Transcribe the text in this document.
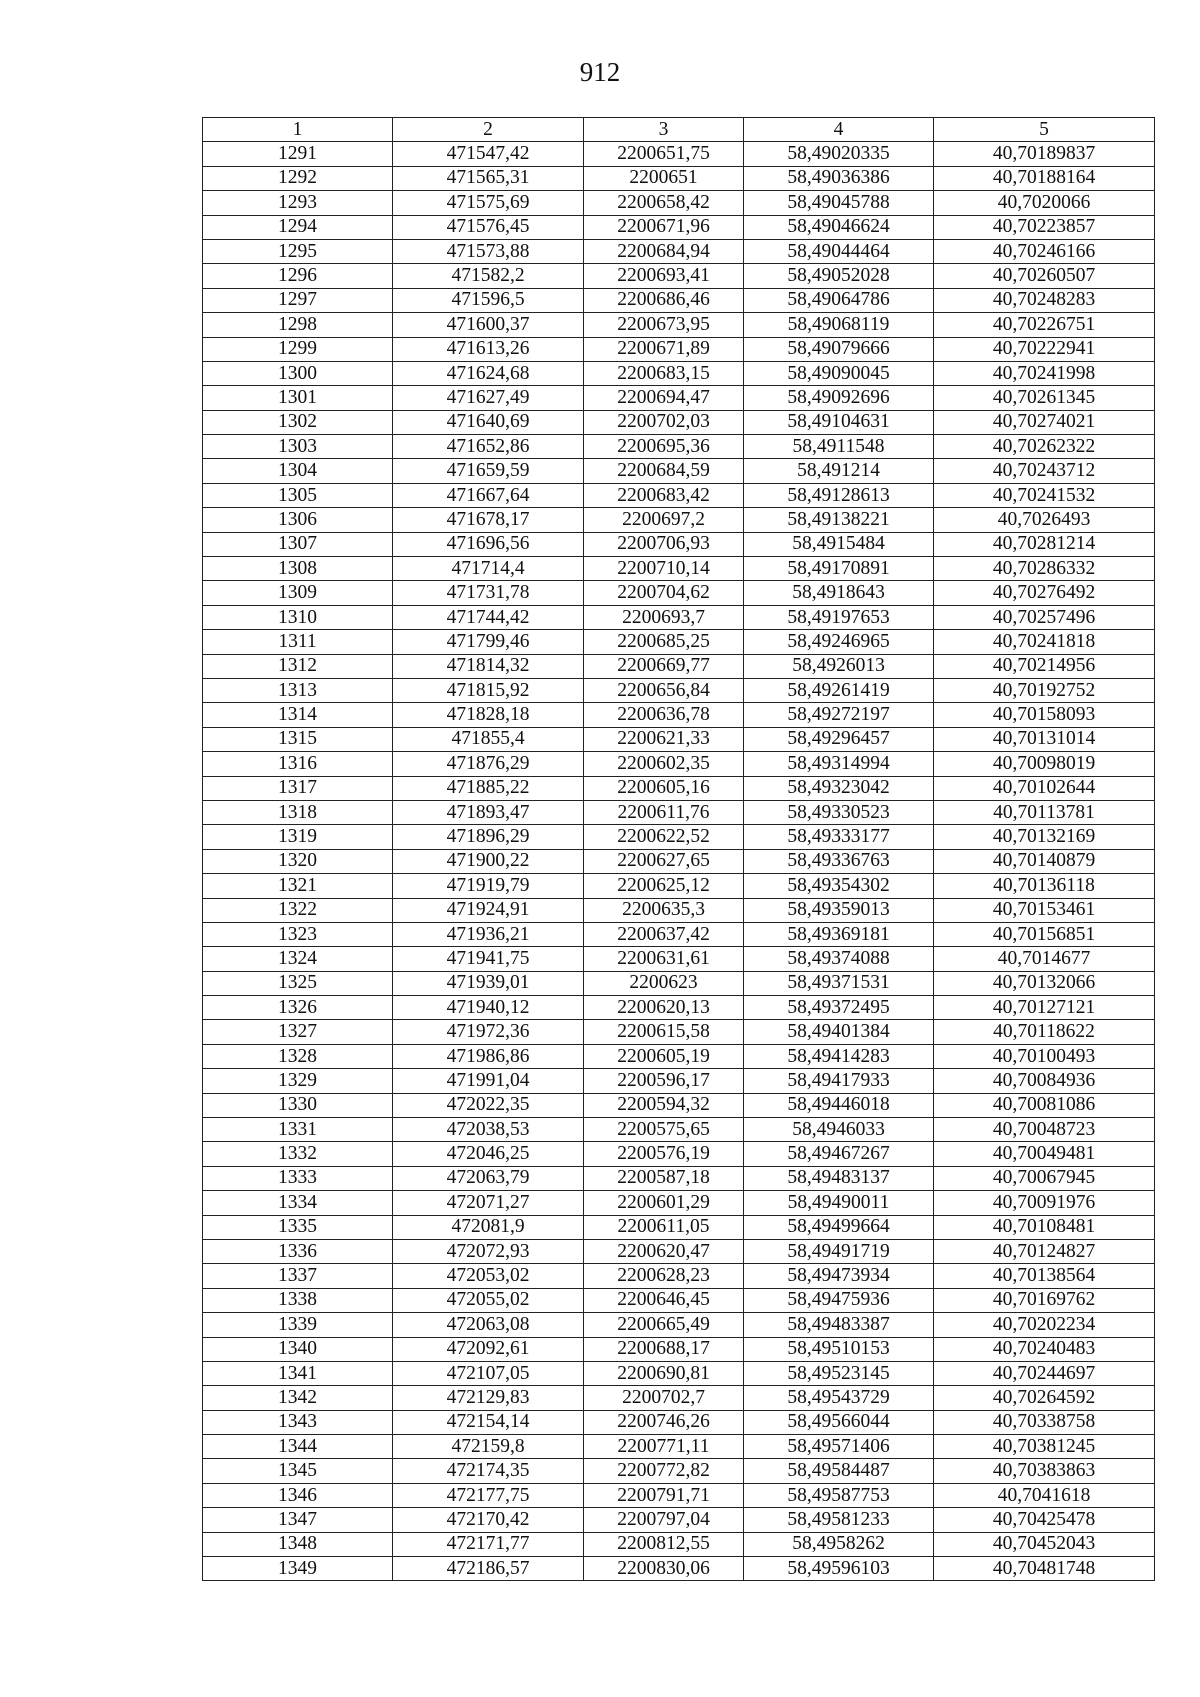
912
1	2	3	4	5
1291	471547,42	2200651,75	58,49020335	40,70189837
1292	471565,31	2200651	58,49036386	40,70188164
1293	471575,69	2200658,42	58,49045788	40,7020066
1294	471576,45	2200671,96	58,49046624	40,70223857
1295	471573,88	2200684,94	58,49044464	40,70246166
1296	471582,2	2200693,41	58,49052028	40,70260507
1297	471596,5	2200686,46	58,49064786	40,70248283
1298	471600,37	2200673,95	58,49068119	40,70226751
1299	471613,26	2200671,89	58,49079666	40,70222941
1300	471624,68	2200683,15	58,49090045	40,70241998
1301	471627,49	2200694,47	58,49092696	40,70261345
1302	471640,69	2200702,03	58,49104631	40,70274021
1303	471652,86	2200695,36	58,4911548	40,70262322
1304	471659,59	2200684,59	58,491214	40,70243712
1305	471667,64	2200683,42	58,49128613	40,70241532
1306	471678,17	2200697,2	58,49138221	40,7026493
1307	471696,56	2200706,93	58,4915484	40,70281214
1308	471714,4	2200710,14	58,49170891	40,70286332
1309	471731,78	2200704,62	58,4918643	40,70276492
1310	471744,42	2200693,7	58,49197653	40,70257496
1311	471799,46	2200685,25	58,49246965	40,70241818
1312	471814,32	2200669,77	58,4926013	40,70214956
1313	471815,92	2200656,84	58,49261419	40,70192752
1314	471828,18	2200636,78	58,49272197	40,70158093
1315	471855,4	2200621,33	58,49296457	40,70131014
1316	471876,29	2200602,35	58,49314994	40,70098019
1317	471885,22	2200605,16	58,49323042	40,70102644
1318	471893,47	2200611,76	58,49330523	40,70113781
1319	471896,29	2200622,52	58,49333177	40,70132169
1320	471900,22	2200627,65	58,49336763	40,70140879
1321	471919,79	2200625,12	58,49354302	40,70136118
1322	471924,91	2200635,3	58,49359013	40,70153461
1323	471936,21	2200637,42	58,49369181	40,70156851
1324	471941,75	2200631,61	58,49374088	40,7014677
1325	471939,01	2200623	58,49371531	40,70132066
1326	471940,12	2200620,13	58,49372495	40,70127121
1327	471972,36	2200615,58	58,49401384	40,70118622
1328	471986,86	2200605,19	58,49414283	40,70100493
1329	471991,04	2200596,17	58,49417933	40,70084936
1330	472022,35	2200594,32	58,49446018	40,70081086
1331	472038,53	2200575,65	58,4946033	40,70048723
1332	472046,25	2200576,19	58,49467267	40,70049481
1333	472063,79	2200587,18	58,49483137	40,70067945
1334	472071,27	2200601,29	58,49490011	40,70091976
1335	472081,9	2200611,05	58,49499664	40,70108481
1336	472072,93	2200620,47	58,49491719	40,70124827
1337	472053,02	2200628,23	58,49473934	40,70138564
1338	472055,02	2200646,45	58,49475936	40,70169762
1339	472063,08	2200665,49	58,49483387	40,70202234
1340	472092,61	2200688,17	58,49510153	40,70240483
1341	472107,05	2200690,81	58,49523145	40,70244697
1342	472129,83	2200702,7	58,49543729	40,70264592
1343	472154,14	2200746,26	58,49566044	40,70338758
1344	472159,8	2200771,11	58,49571406	40,70381245
1345	472174,35	2200772,82	58,49584487	40,70383863
1346	472177,75	2200791,71	58,49587753	40,7041618
1347	472170,42	2200797,04	58,49581233	40,70425478
1348	472171,77	2200812,55	58,4958262	40,70452043
1349	472186,57	2200830,06	58,49596103	40,70481748
